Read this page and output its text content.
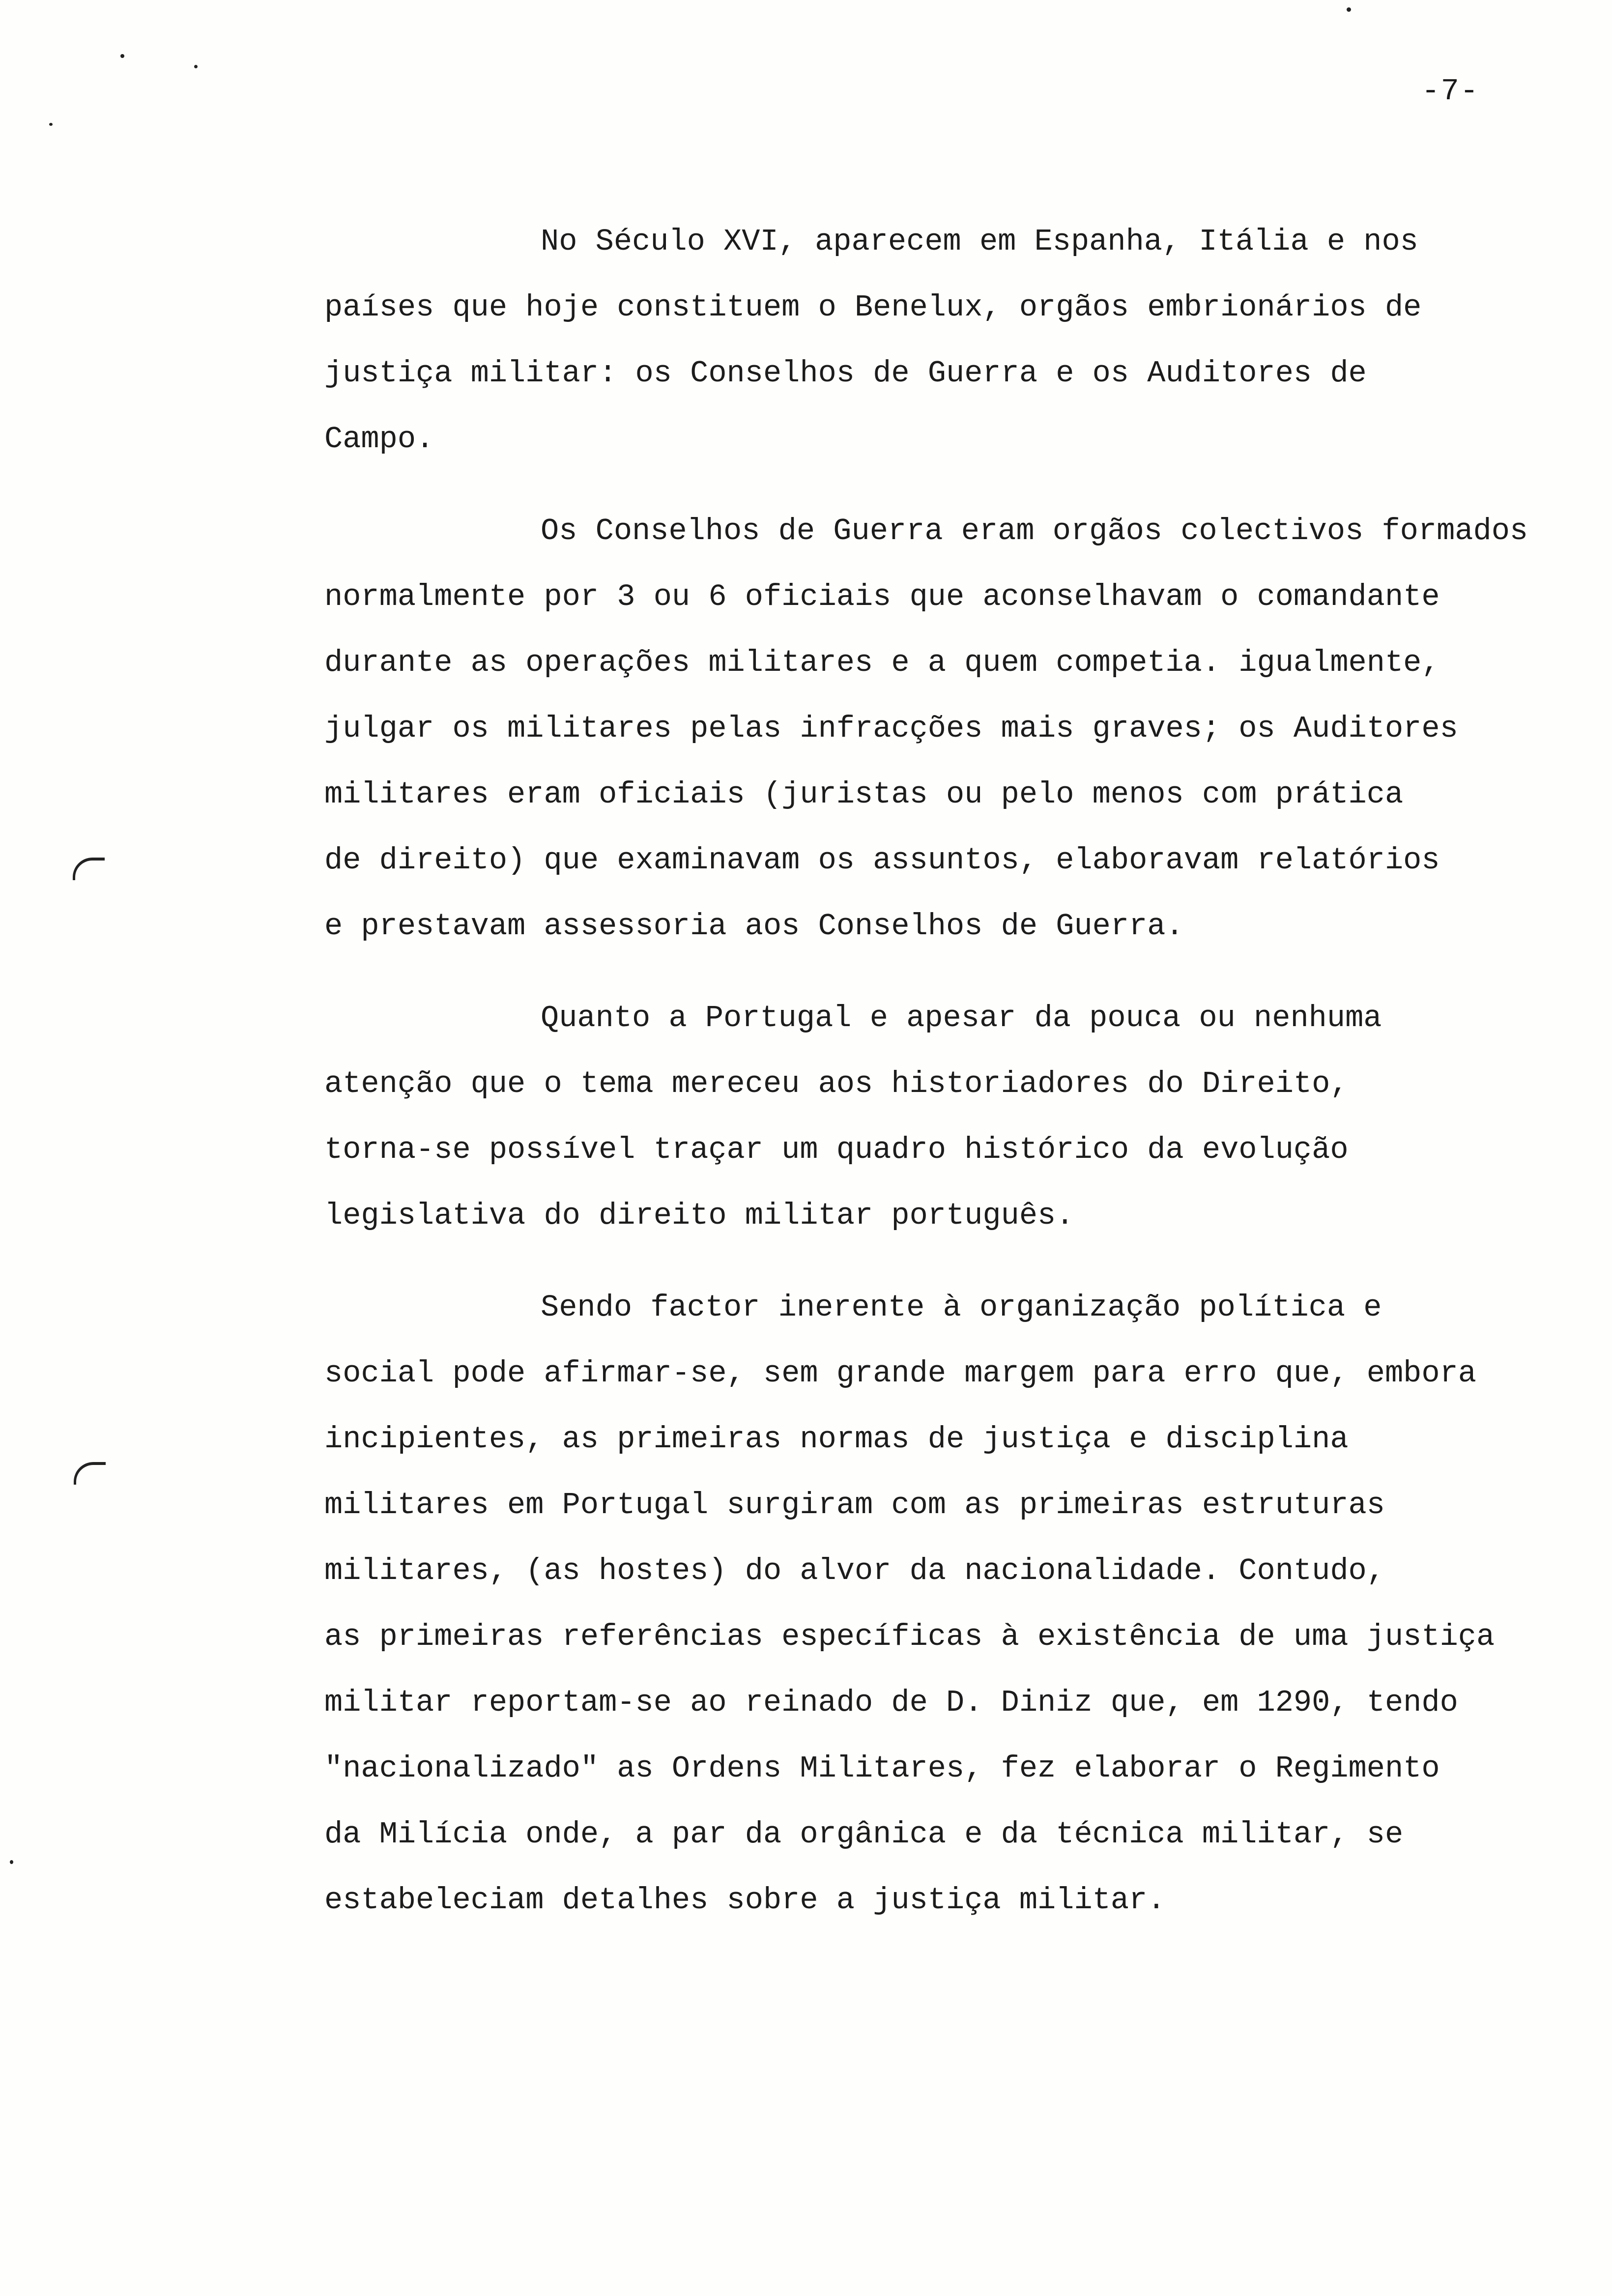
-7-
No Século XVI, aparecem em Espanha, Itália e nos
países que hoje constituem o Benelux, orgãos embrionários de
justiça militar: os Conselhos de Guerra e os Auditores de
Campo.
Os Conselhos de Guerra eram orgãos colectivos formados
normalmente por 3 ou 6 oficiais que aconselhavam o comandante
durante as operações militares e a quem competia. igualmente,
julgar os militares pelas infracções mais graves; os Auditores
militares eram oficiais (juristas ou pelo menos com prática
de direito) que examinavam os assuntos, elaboravam relatórios
e prestavam assessoria aos Conselhos de Guerra.
Quanto a Portugal e apesar da pouca ou nenhuma
atenção que o tema mereceu aos historiadores do Direito,
torna-se possível traçar um quadro histórico da evolução
legislativa do direito militar português.
Sendo factor inerente à organização política e
social pode afirmar-se, sem grande margem para erro que, embora
incipientes, as primeiras normas de justiça e disciplina
militares em Portugal surgiram com as primeiras estruturas
militares, (as hostes) do alvor da nacionalidade. Contudo,
as primeiras referências específicas à existência de uma justiça
militar reportam-se ao reinado de D. Diniz que, em 1290, tendo
"nacionalizado" as Ordens Militares, fez elaborar o Regimento
da Milícia onde, a par da orgânica e da técnica militar, se
estabeleciam detalhes sobre a justiça militar.
